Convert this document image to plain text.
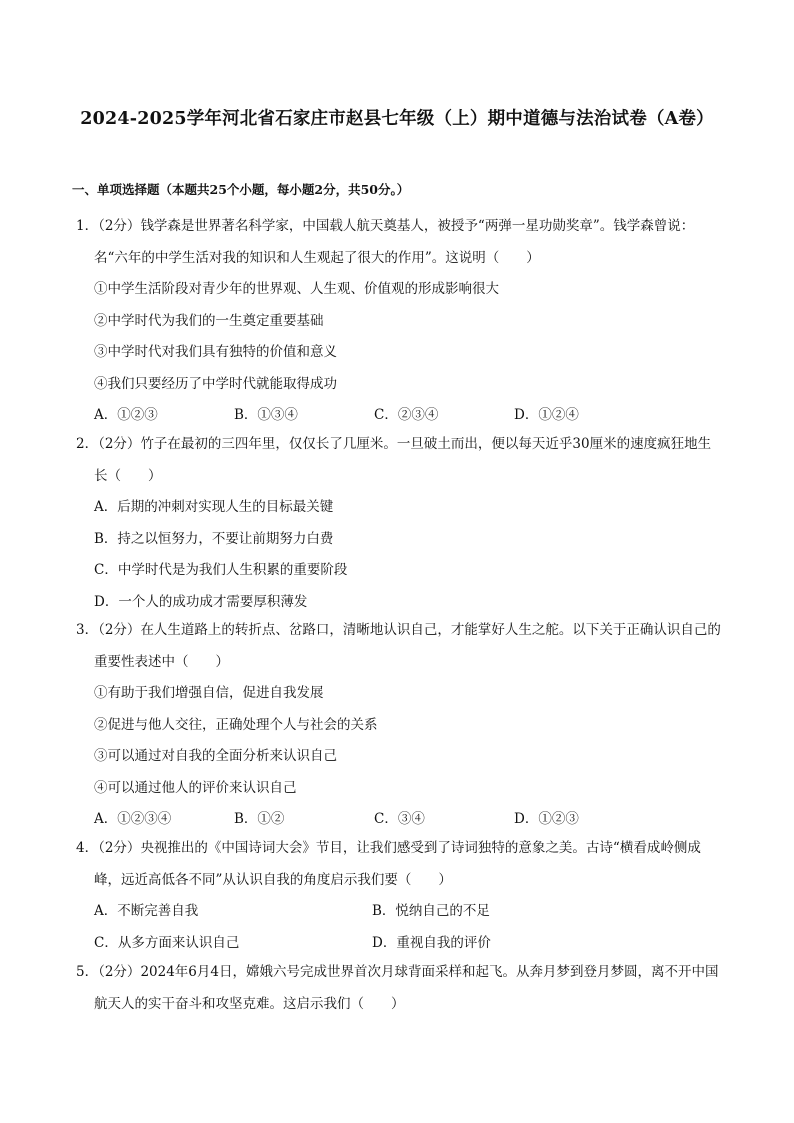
2024-2025学年河北省石家庄市赵县七年级（上）期中道德与法治试卷（A卷）
一、单项选择题（本题共25个小题，每小题2分，共50分。）
1．（2分）钱学森是世界著名科学家，中国载人航天奠基人，被授予“两弹一星功勋奖章”。钱学森曾说：名“六年的中学生活对我的知识和人生观起了很大的作用”。这说明（　　）
①中学生活阶段对青少年的世界观、人生观、价值观的形成影响很大
②中学时代为我们的一生奠定重要基础
③中学时代对我们具有独特的价值和意义
④我们只要经历了中学时代就能取得成功
A．①②③	B．①③④	C．②③④	D．①②④
2．（2分）竹子在最初的三四年里，仅仅长了几厘米。一旦破土而出，便以每天近乎30厘米的速度疯狂地生长（　　）
A．后期的冲刺对实现人生的目标最关键
B．持之以恒努力，不要让前期努力白费
C．中学时代是为我们人生积累的重要阶段
D．一个人的成功成才需要厚积薄发
3．（2分）在人生道路上的转折点、岔路口，清晰地认识自己，才能掌好人生之舵。以下关于正确认识自己的重要性表述中（　　）
①有助于我们增强自信，促进自我发展
②促进与他人交往，正确处理个人与社会的关系
③可以通过对自我的全面分析来认识自己
④可以通过他人的评价来认识自己
A．①②③④	B．①②	C．③④	D．①②③
4．（2分）央视推出的《中国诗词大会》节目，让我们感受到了诗词独特的意象之美。古诗“横看成岭侧成峰，远近高低各不同”从认识自我的角度启示我们要（　　）
A．不断完善自我	B．悦纳自己的不足
C．从多方面来认识自己	D．重视自我的评价
5．（2分）2024年6月4日，嫦娥六号完成世界首次月球背面采样和起飞。从奔月梦到登月梦圆，离不开中国航天人的实干奋斗和攻坚克难。这启示我们（　　）
